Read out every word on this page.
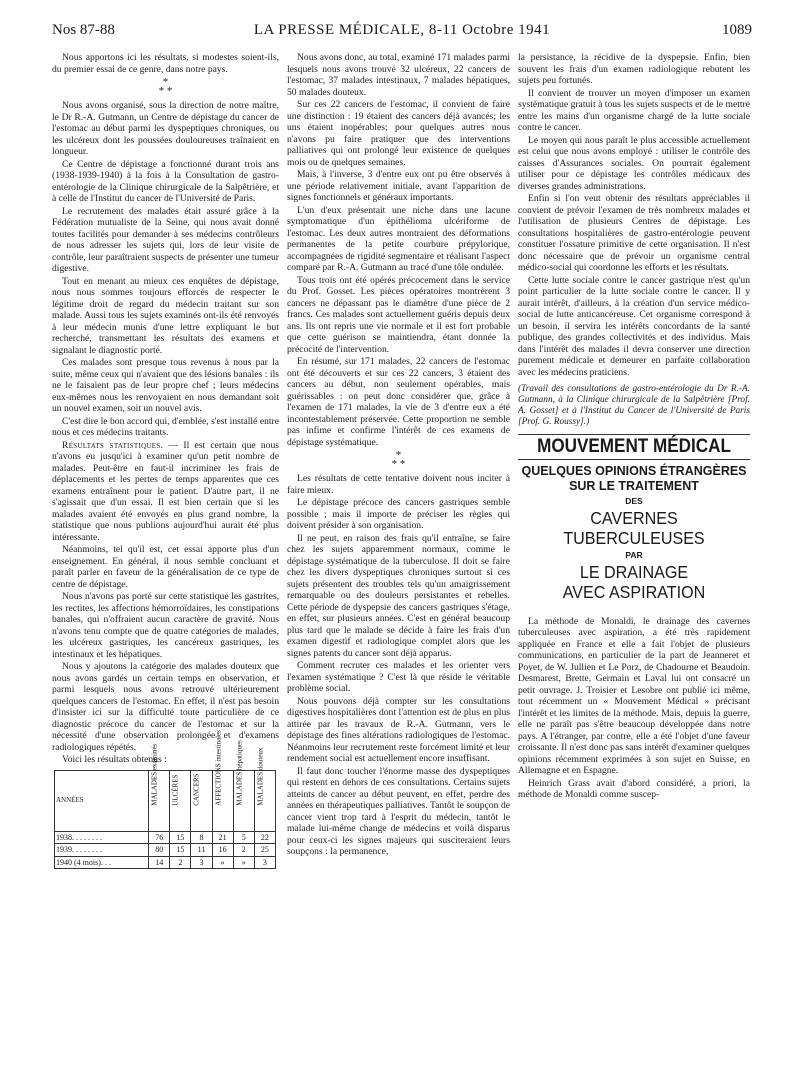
Nos 87-88	LA PRESSE MÉDICALE, 8-11 Octobre 1941	1089

Nous apportons ici les résultats, si modestes soient-ils, du premier essai de ce genre, dans notre pays.

*
* *

Nous avons organisé, sous la direction de notre maître, le Dr R.-A. Gutmann, un Centre de dépistage du cancer de l'estomac au début parmi les dyspeptiques chroniques, ou les ulcéreux dont les poussées douloureuses traînaient en longueur.

Ce Centre de dépistage a fonctionné durant trois ans (1938-1939-1940) à la fois à la Consultation de gastro-entérologie de la Clinique chirurgicale de la Salpêtrière, et à celle de l'Institut du cancer de l'Université de Paris.

Le recrutement des malades était assuré grâce à la Fédération mutualiste de la Seine, qui nous avait donné toutes facilités pour demander à ses médecins contrôleurs de nous adresser les sujets qui, lors de leur visite de contrôle, leur paraîtraient suspects de présenter une tumeur digestive.

Tout en menant au mieux ces enquêtes de dépistage, nous nous sommes toujours efforcés de respecter le légitime droit de regard du médecin traitant sur son malade. Aussi tous les sujets examinés ont-ils été renvoyés à leur médecin munis d'une lettre expliquant le but recherché, transmettant les résultats des examens et signalant le diagnostic porté.

Ces malades sont presque tous revenus à nous par la suite, même ceux qui n'avaient que des lésions banales : ils ne le faisaient pas de leur propre chef ; leurs médecins eux-mêmes nous les renvoyaient en nous demandant soit un nouvel examen, soit un nouvel avis.

C'est dire le bon accord qui, d'emblée, s'est installé entre nous et ces médecins traitants.

Résultats statistiques. — Il est certain que nous n'avons eu jusqu'ici à examiner qu'un petit nombre de malades. Peut-être en faut-il incriminer les frais de déplacements et les pertes de temps apparentes que ces examens entraînent pour le patient. D'autre part, il ne s'agissait que d'un essai. Il est bien certain que si les malades avaient été envoyés en plus grand nombre, la statistique que nous publions aujourd'hui aurait été plus intéressante.

Néanmoins, tel qu'il est, cet essai apporte plus d'un enseignement. En général, il nous semble concluant et paraît parler en faveur de la généralisation de ce type de centre de dépistage.

Nous n'avons pas porté sur cette statistique les gastrites, les rectites, les affections hémorroïdaires, les constipations banales, qui n'offraient aucun caractère de gravité. Nous n'avons tenu compte que de quatre catégories de malades, les ulcéreux gastriques, les cancéreux gastriques, les intestinaux et les hépatiques.

Nous y ajoutons la catégorie des malades douteux que nous avons gardés un certain temps en observation, et parmi lesquels nous avons retrouvé ultérieurement quelques cancers de l'estomac. En effet, il n'est pas besoin d'insister ici sur la difficulté toute particulière de ce diagnostic précoce du cancer de l'estomac et sur la nécessité d'une observation prolongée et d'examens radiologiques répétés.

Voici les résultats obtenus :

ANNÉES	MALADES examinés	ULCÈRES	CANCERS	AFFECTIONS intestinales	MALADES hépatiques	MALADES douteux
1938. . . . . . . .	76	15	8	21	5	22
1939. . . . . . . .	80	15	11	16	2	25
1940 (4 mois). . .	14	2	3	»	»	3

Nous avons donc, au total, examiné 171 malades parmi lesquels nous avons trouvé 32 ulcéreux, 22 cancers de l'estomac, 37 malades intestinaux, 7 malades hépatiques, 50 malades douteux.

Sur ces 22 cancers de l'estomac, il convient de faire une distinction : 19 étaient des cancers déjà avancés; les uns étaient inopérables; pour quelques autres nous n'avons pu faire pratiquer que des interventions palliatives qui ont prolongé leur existence de quelques mois ou de quelques semaines.

Mais, à l'inverse, 3 d'entre eux ont pu être observés à une période relativement initiale, avant l'apparition de signes fonctionnels et généraux importants.

L'un d'eux présentait une niche dans une lacune symptomatique d'un épithélioma ulcériforme de l'estomac. Les deux autres montraient des déformations permanentes de la petite courbure prépylorique, accompagnées de rigidité segmentaire et réalisant l'aspect comparé par R.-A. Gutmann au tracé d'une tôle ondulée.

Tous trois ont été opérés précocement dans le service du Prof. Gosset. Les pièces opératoires montrèrent 3 cancers ne dépassant pas le diamètre d'une pièce de 2 francs. Ces malades sont actuellement guéris depuis deux ans. Ils ont repris une vie normale et il est fort probable que cette guérison se maintiendra, étant donnée la précocité de l'intervention.

En résumé, sur 171 malades, 22 cancers de l'estomac ont été découverts et sur ces 22 cancers, 3 étaient des cancers au début, non seulement opérables, mais guérissables : on peut donc considérer que, grâce à l'examen de 171 malades, la vie de 3 d'entre eux a été incontestablement préservée. Cette proportion ne semble pas infime et confirme l'intérêt de ces examens de dépistage systématique.

*
* *

Les résultats de cette tentative doivent nous inciter à faire mieux.

Le dépistage précoce des cancers gastriques semble possible ; mais il importe de préciser les règles qui doivent présider à son organisation.

Il ne peut, en raison des frais qu'il entraîne, se faire chez les sujets apparemment normaux, comme le dépistage systématique de la tuberculose. Il doit se faire chez les divers dyspeptiques chroniques surtout si ces sujets présentent des troubles tels qu'un amaigrissement remarquable ou des douleurs persistantes et rebelles. Cette période de dyspepsie des cancers gastriques s'étage, en effet, sur plusieurs années. C'est en général beaucoup plus tard que le malade se décide à faire les frais d'un examen digestif et radiologique complet alors que les signes patents du cancer sont déjà apparus.

Comment recruter ces malades et les orienter vers l'examen systématique ? C'est là que réside le véritable problème social.

Nous pouvons déjà compter sur les consultations digestives hospitalières dont l'attention est de plus en plus attirée par les travaux de R.-A. Gutmann, vers le dépistage des fines altérations radiologiques de l'estomac. Néanmoins leur recrutement reste forcément limité et leur rendement social est actuellement encore insuffisant.

Il faut donc toucher l'énorme masse des dyspeptiques qui restent en dehors de ces consultations. Certains sujets atteints de cancer au début peuvent, en effet, perdre des années en thérapeutiques palliatives. Tantôt le soupçon de cancer vient trop tard à l'esprit du médecin, tantôt le malade lui-même change de médecins et voilà disparus pour ceux-ci les signes majeurs qui susciteraient leurs soupçons : la permanence,

la persistance, la récidive de la dyspepsie. Enfin, bien souvent les frais d'un examen radiologique rebutent les sujets peu fortunés.

Il convient de trouver un moyen d'imposer un examen systématique gratuit à tous les sujets suspects et de le mettre entre les mains d'un organisme chargé de la lutte sociale contre le cancer.

Le moyen qui nous paraît le plus accessible actuellement est celui que nous avons employé : utiliser le contrôle des caisses d'Assurances sociales. On pourrait également utiliser pour ce dépistage les contrôles médicaux des diverses grandes administrations.

Enfin si l'on veut obtenir des résultats appréciables il convient de prévoir l'examen de très nombreux malades et l'utilisation de plusieurs Centres de dépistage. Les consultations hospitalières de gastro-entérologie peuvent constituer l'ossature primitive de cette organisation. Il n'est donc nécessaire que de prévoir un organisme central médico-social qui coordonne les efforts et les résultats.

Cette lutte sociale contre le cancer gastrique n'est qu'un point particulier de la lutte sociale contre le cancer. Il y aurait intérêt, d'ailleurs, à la création d'un service médico-social de lutte anticancéreuse. Cet organisme correspond à un besoin, il servira les intérêts concordants de la santé publique, des grandes collectivités et des individus. Mais dans l'intérêt des malades il devra conserver une direction purement médicale et demeurer en parfaite collaboration avec les médecins praticiens.

(Travail des consultations de gastro-entérologie du Dr R.-A. Gutmann, à la Clinique chirurgicale de la Salpêtrière [Prof. A. Gosset] et à l'Institut du Cancer de l'Université de Paris [Prof. G. Roussy].)
MOUVEMENT MÉDICAL
QUELQUES OPINIONS ÉTRANGÈRES
SUR LE TRAITEMENT
DES
CAVERNES TUBERCULEUSES
PAR
LE DRAINAGE
AVEC ASPIRATION

La méthode de Monaldi, le drainage des cavernes tuberculeuses avec aspiration, a été très rapidement appliquée en France et elle a fait l'objet de plusieurs communications, en particulier de la part de Jeanneret et Poyet, de W. Jullien et Le Porz, de Chadourne et Beaudoin. Desmarest, Brette, Germain et Laval lui ont consacré un petit ouvrage. J. Troisier et Lesobre ont publié ici même, tout récemment un « Mouvement Médical » précisant l'intérêt et les limites de la méthode. Mais, depuis la guerre, elle ne paraît pas s'être beaucoup développée dans notre pays. A l'étranger, par contre, elle a été l'objet d'une faveur croissante. Il n'est donc pas sans intérêt d'examiner quelques opinions récemment exprimées à son sujet en Suisse, en Allemagne et en Espagne.

Heinrich Grass avait d'abord considéré, a priori, la méthode de Monaldi comme suscep-
